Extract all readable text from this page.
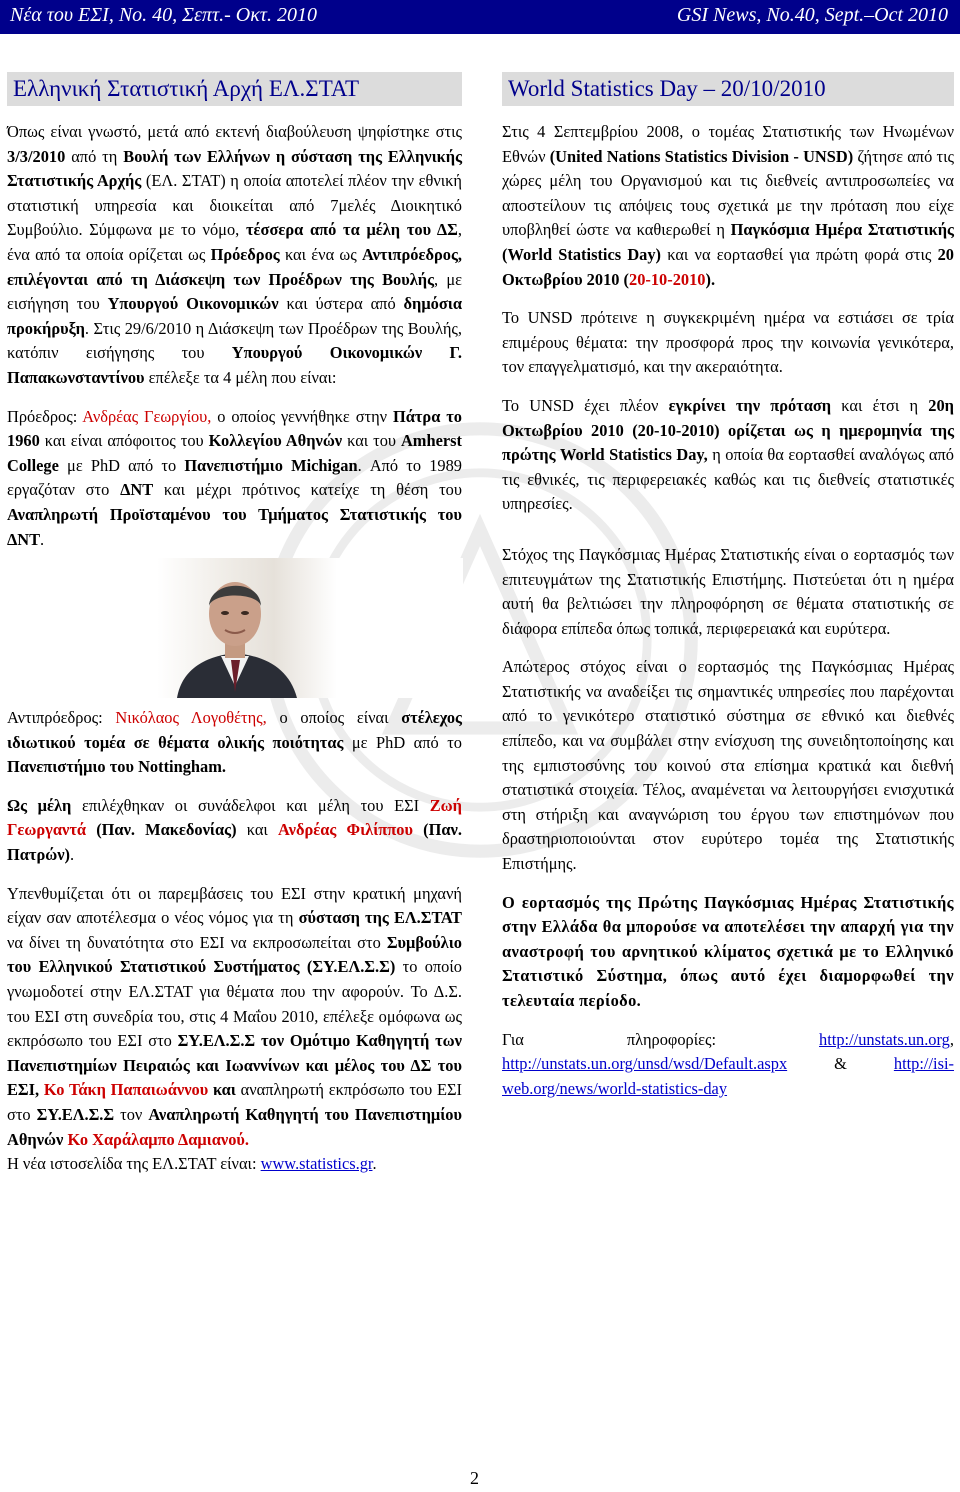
Νέα του ΕΣΙ, Νο. 40, Σεπτ.- Οκτ. 2010	GSI News, No.40, Sept.–Oct 2010
Ελληνική Στατιστική Αρχή ΕΛ.ΣΤΑΤ

Όπως είναι γνωστό, μετά από εκτενή διαβούλευση ψηφίστηκε στις 3/3/2010 από τη Βουλή των Ελλήνων η σύσταση της Ελληνικής Στατιστικής Αρχής (ΕΛ. ΣΤΑΤ) η οποία αποτελεί πλέον την εθνική στατιστική υπηρεσία και διοικείται από 7μελές Διοικητικό Συμβούλιο. Σύμφωνα με το νόμο, τέσσερα από τα μέλη του ΔΣ, ένα από τα οποία ορίζεται ως Πρόεδρος και ένα ως Αντιπρόεδρος, επιλέγονται από τη Διάσκεψη των Προέδρων της Βουλής, με εισήγηση του Υπουργού Οικονομικών και ύστερα από δημόσια προκήρυξη. Στις 29/6/2010 η Διάσκεψη των Προέδρων της Βουλής, κατόπιν εισήγησης του Υπουργού Οικονομικών Γ. Παπακωνσταντίνου επέλεξε τα 4 μέλη που είναι:

Πρόεδρος: Ανδρέας Γεωργίου, ο οποίος γεννήθηκε στην Πάτρα το 1960 και είναι απόφοιτος του Κολλεγίου Αθηνών και του Amherst College με PhD από το Πανεπιστήμιο Michigan. Από το 1989 εργαζόταν στο ΔΝΤ και μέχρι πρότινος κατείχε τη θέση του Αναπληρωτή Προϊσταμένου του Τμήματος Στατιστικής του ΔΝΤ.

Αντιπρόεδρος: Νικόλαος Λογοθέτης, ο οποίος είναι στέλεχος ιδιωτικού τομέα σε θέματα ολικής ποιότητας με PhD από το Πανεπιστήμιο του Nottingham.

Ως μέλη επιλέχθηκαν οι συνάδελφοι και μέλη του ΕΣΙ Ζωή Γεωργαντά (Παν. Μακεδονίας) και Ανδρέας Φιλίππου (Παν. Πατρών).

Υπενθυμίζεται ότι οι παρεμβάσεις του ΕΣΙ στην κρατική μηχανή είχαν σαν αποτέλεσμα ο νέος νόμος για τη σύσταση της ΕΛ.ΣΤΑΤ να δίνει τη δυνατότητα στο ΕΣΙ να εκπροσωπείται στο Συμβούλιο του Ελληνικού Στατιστικού Συστήματος (ΣΥ.ΕΛ.Σ.Σ) το οποίο γνωμοδοτεί στην ΕΛ.ΣΤΑΤ για θέματα που την αφορούν. Το Δ.Σ. του ΕΣΙ στη συνεδρία του, στις 4 Μαΐου 2010, επέλεξε ομόφωνα ως εκπρόσωπο του ΕΣΙ στο ΣΥ.ΕΛ.Σ.Σ τον Ομότιμο Καθηγητή των Πανεπιστημίων Πειραιώς και Ιωαννίνων και μέλος του ΔΣ του ΕΣΙ, Κο Τάκη Παπαιωάννου και αναπληρωτή εκπρόσωπο του ΕΣΙ στο ΣΥ.ΕΛ.Σ.Σ τον Αναπληρωτή Καθηγητή του Πανεπιστημίου Αθηνών Κο Χαράλαμπο Δαμιανού.

Η νέα ιστοσελίδα της ΕΛ.ΣΤΑΤ είναι: www.statistics.gr.

World Statistics Day – 20/10/2010

Στις 4 Σεπτεμβρίου 2008, ο τομέας Στατιστικής των Ηνωμένων Εθνών (United Nations Statistics Division - UNSD) ζήτησε από τις χώρες μέλη του Οργανισμού και τις διεθνείς αντιπροσωπείες να αποστείλουν τις απόψεις τους σχετικά με την πρόταση που είχε υποβληθεί ώστε να καθιερωθεί η Παγκόσμια Ημέρα Στατιστικής (World Statistics Day) και να εορτασθεί για πρώτη φορά στις 20 Οκτωβρίου 2010 (20-10-2010).

Το UNSD πρότεινε η συγκεκριμένη ημέρα να εστιάσει σε τρία επιμέρους θέματα: την προσφορά προς την κοινωνία γενικότερα, τον επαγγελματισμό, και την ακεραιότητα.

Το UNSD έχει πλέον εγκρίνει την πρόταση και έτσι η 20η Οκτωβρίου 2010 (20-10-2010) ορίζεται ως η ημερομηνία της πρώτης World Statistics Day, η οποία θα εορτασθεί αναλόγως από τις εθνικές, τις περιφερειακές καθώς και τις διεθνείς στατιστικές υπηρεσίες.

Στόχος της Παγκόσμιας Ημέρας Στατιστικής είναι ο εορτασμός των επιτευγμάτων της Στατιστικής Επιστήμης. Πιστεύεται ότι η ημέρα αυτή θα βελτιώσει την πληροφόρηση σε θέματα στατιστικής σε διάφορα επίπεδα όπως τοπικά, περιφερειακά και ευρύτερα.

Απώτερος στόχος είναι ο εορτασμός της Παγκόσμιας Ημέρας Στατιστικής να αναδείξει τις σημαντικές υπηρεσίες που παρέχονται από το γενικότερο στατιστικό σύστημα σε εθνικό και διεθνές επίπεδο, και να συμβάλει στην ενίσχυση της συνειδητοποίησης και της εμπιστοσύνης του κοινού στα επίσημα κρατικά και διεθνή στατιστικά στοιχεία. Τέλος, αναμένεται να λειτουργήσει ενισχυτικά στη στήριξη και αναγνώριση του έργου των επιστημόνων που δραστηριοποιούνται στον ευρύτερο τομέα της Στατιστικής Επιστήμης.

Ο εορτασμός της Πρώτης Παγκόσμιας Ημέρας Στατιστικής στην Ελλάδα θα μπορούσε να αποτελέσει την απαρχή για την αναστροφή του αρνητικού κλίματος σχετικά με το Ελληνικό Στατιστικό Σύστημα, όπως αυτό έχει διαμορφωθεί την τελευταία περίοδο.

Για πληροφορίες:	http://unstats.un.org, http://unstats.un.org/unsd/wsd/Default.aspx	&	http://isi-web.org/news/world-statistics-day

2
